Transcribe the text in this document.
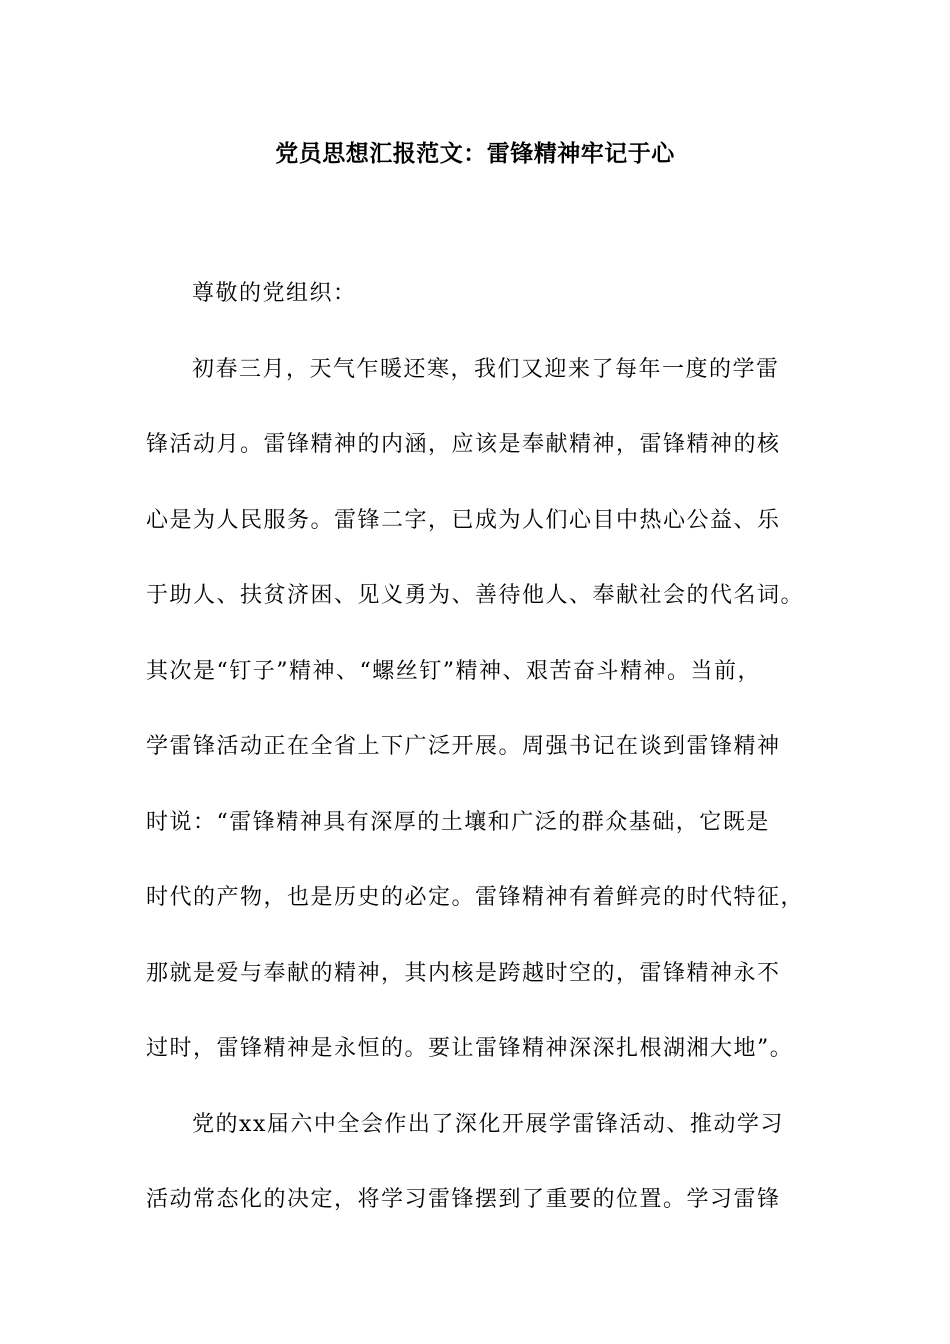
党员思想汇报范文：雷锋精神牢记于心
尊敬的党组织：
初春三月，天气乍暖还寒，我们又迎来了每年一度的学雷
锋活动月。雷锋精神的内涵，应该是奉献精神，雷锋精神的核
心是为人民服务。雷锋二字，已成为人们心目中热心公益、乐
于助人、扶贫济困、见义勇为、善待他人、奉献社会的代名词。
其次是“钉子”精神、“螺丝钉”精神、艰苦奋斗精神。当前，
学雷锋活动正在全省上下广泛开展。周强书记在谈到雷锋精神
时说：“雷锋精神具有深厚的土壤和广泛的群众基础，它既是
时代的产物，也是历史的必定。雷锋精神有着鲜亮的时代特征，
那就是爱与奉献的精神，其内核是跨越时空的，雷锋精神永不
过时，雷锋精神是永恒的。要让雷锋精神深深扎根湖湘大地”。
党的xx届六中全会作出了深化开展学雷锋活动、推动学习
活动常态化的决定，将学习雷锋摆到了重要的位置。学习雷锋
